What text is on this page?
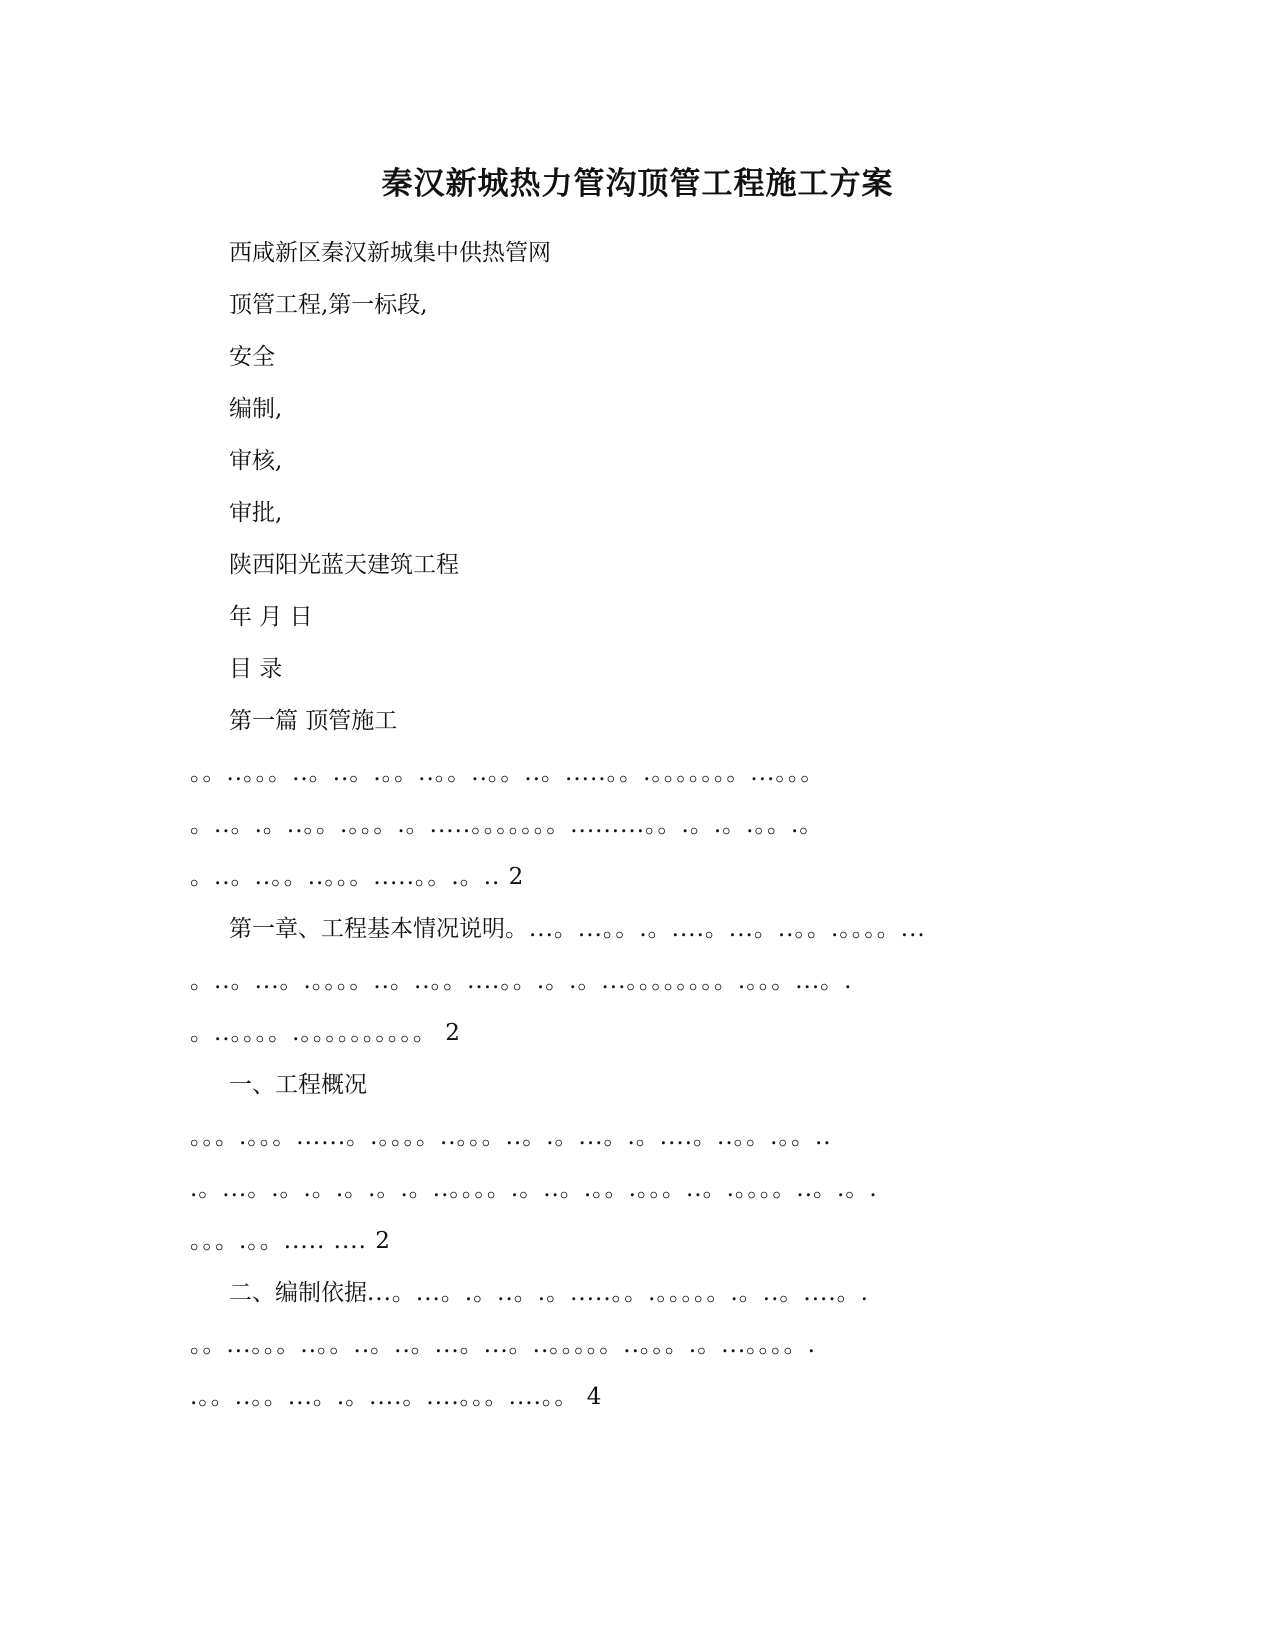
秦汉新城热力管沟顶管工程施工方案

西咸新区秦汉新城集中供热管网

顶管工程,第一标段,

安全

编制,

审核,

审批,

陕西阳光蓝天建筑工程

年 月 日

目 录

第一篇 顶管施工

。。..。。。..。..。.。。..。。..。。..。.....。。.。。。。。。。...。。。

。..。.。..。。.。。。.。.....。。。。。。。.........。。.。.。.。。.。

。..。..。。..。。。.....。。.。.. 2

第一章、工程基本情况说明。...。...。。.。....。...。..。。.。。。。...

。..。...。.。。。。..。..。。....。。.。.。...。。。。。。。。.。。。...。.

。..。。。。.。。。。。。。。。。 2

一、工程概况

。。。.。。。......。.。。。。..。。。..。.。...。.。....。..。。.。。..

.。...。.。.。.。.。.。..。。。。.。..。.。。.。。。..。.。。。。..。.。.

。。。.。。..... .... 2

二、编制依据...。...。.。..。.。.....。。.。。。。。.。..。....。.

。。...。。。..。。..。..。...。...。..。。。。。..。。。.。...。。。。.

.。。..。。...。.。....。....。。。....。。 4
